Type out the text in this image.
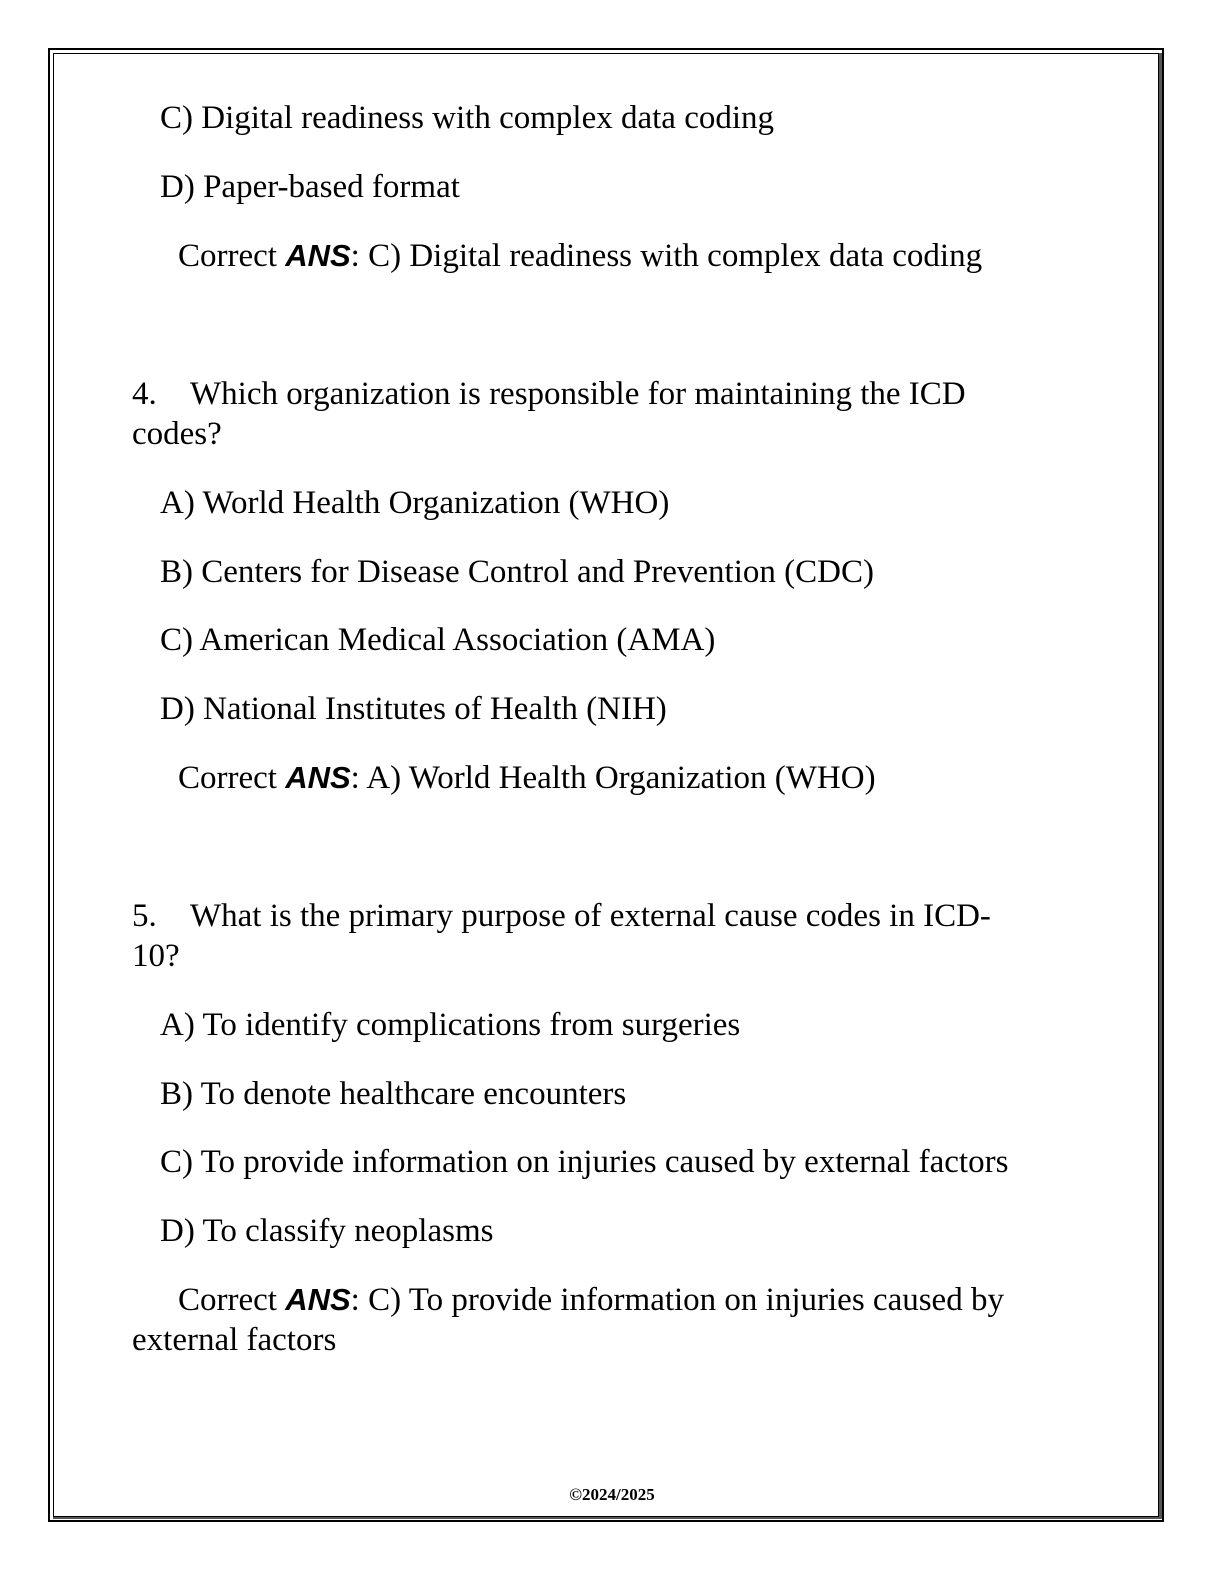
C) Digital readiness with complex data coding
D) Paper-based format
Correct ANS: C) Digital readiness with complex data coding
4. Which organization is responsible for maintaining the ICD
codes?
A) World Health Organization (WHO)
B) Centers for Disease Control and Prevention (CDC)
C) American Medical Association (AMA)
D) National Institutes of Health (NIH)
Correct ANS: A) World Health Organization (WHO)
5. What is the primary purpose of external cause codes in ICD-
10?
A) To identify complications from surgeries
B) To denote healthcare encounters
C) To provide information on injuries caused by external factors
D) To classify neoplasms
Correct ANS: C) To provide information on injuries caused by
external factors
©2024/2025
